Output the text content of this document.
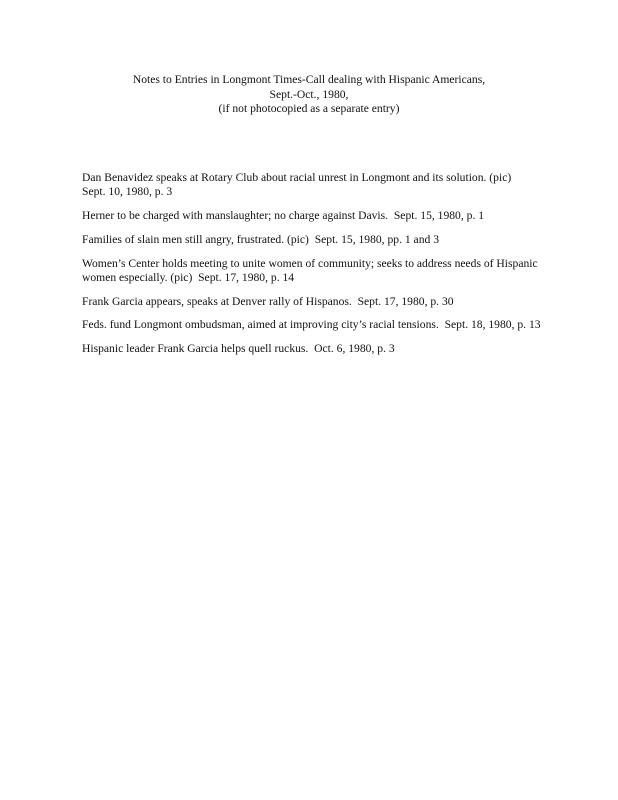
Notes to Entries in Longmont Times-Call dealing with Hispanic Americans,
Sept.-Oct., 1980,
(if not photocopied as a separate entry)
Dan Benavidez speaks at Rotary Club about racial unrest in Longmont and its solution. (pic)
Sept. 10, 1980, p. 3
Herner to be charged with manslaughter; no charge against Davis. Sept. 15, 1980, p. 1
Families of slain men still angry, frustrated. (pic) Sept. 15, 1980, pp. 1 and 3
Women’s Center holds meeting to unite women of community; seeks to address needs of Hispanic women especially. (pic) Sept. 17, 1980, p. 14
Frank Garcia appears, speaks at Denver rally of Hispanos. Sept. 17, 1980, p. 30
Feds. fund Longmont ombudsman, aimed at improving city’s racial tensions. Sept. 18, 1980, p. 13
Hispanic leader Frank Garcia helps quell ruckus. Oct. 6, 1980, p. 3
